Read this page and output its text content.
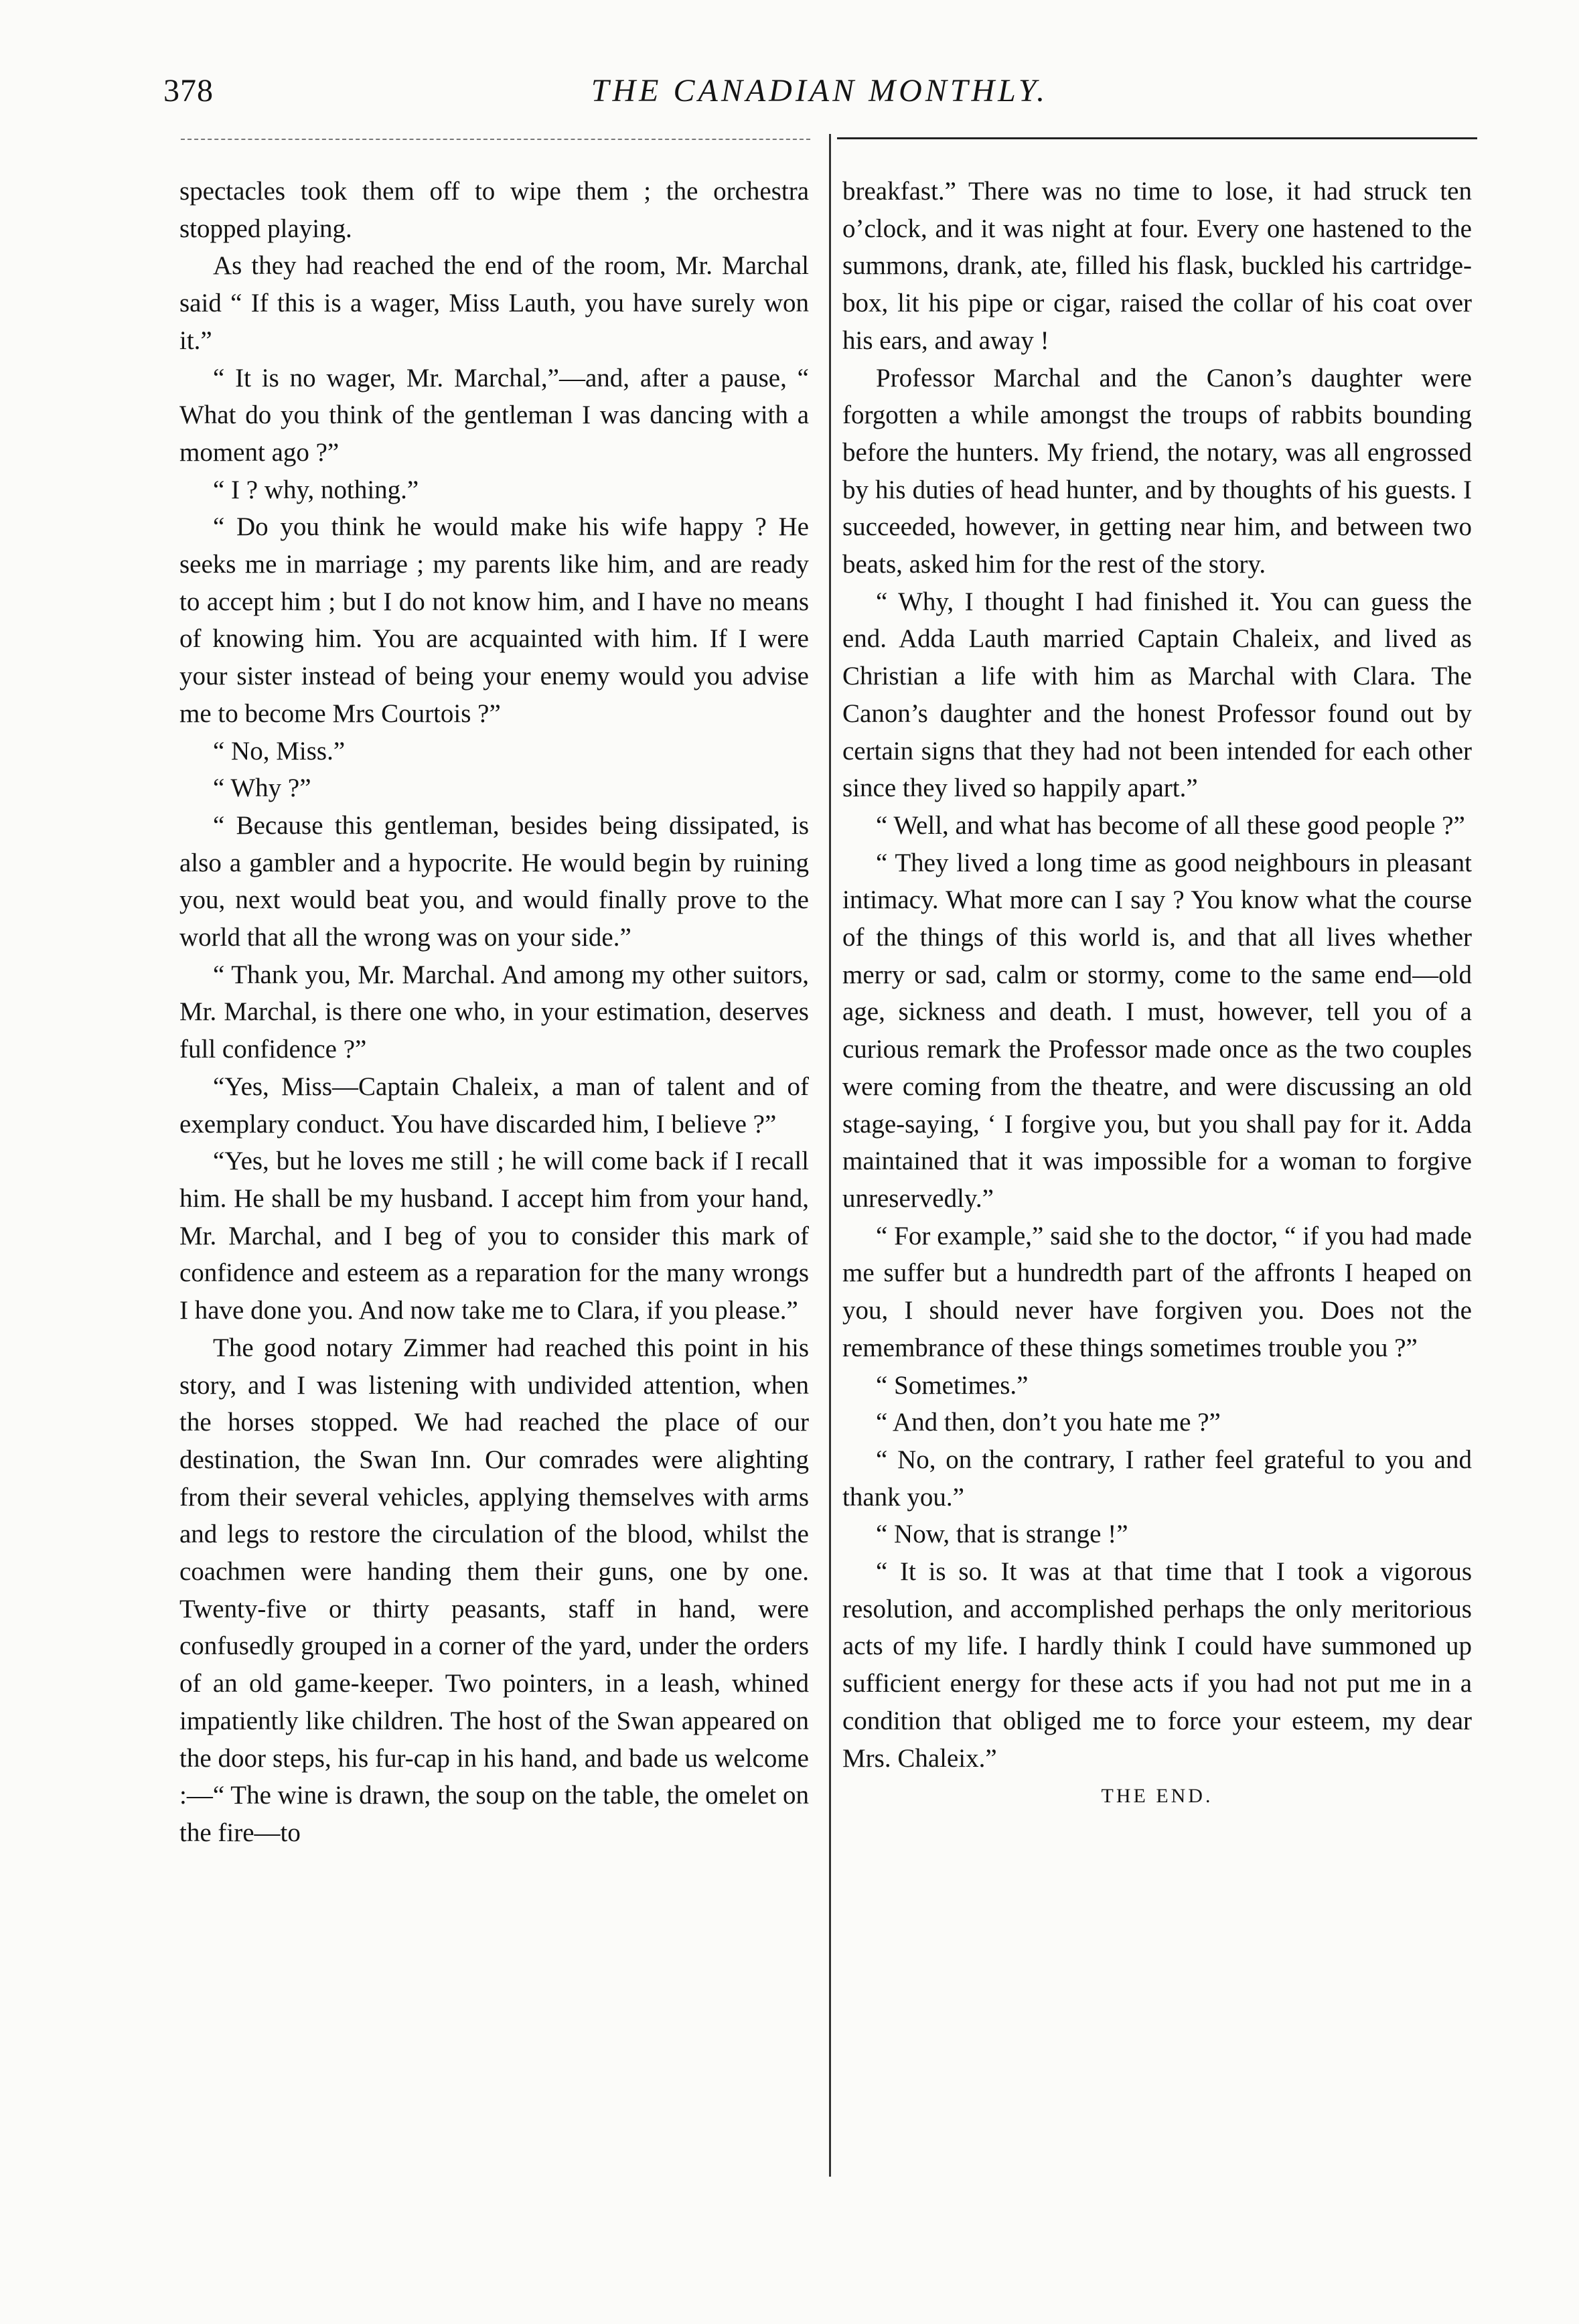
378	THE CANADIAN MONTHLY.

spectacles took them off to wipe them ; the orchestra stopped playing.

As they had reached the end of the room, Mr. Marchal said “ If this is a wager, Miss Lauth, you have surely won it.”

“ It is no wager, Mr. Marchal,”—and, after a pause, “ What do you think of the gentleman I was dancing with a moment ago ?”

“ I ? why, nothing.”

“ Do you think he would make his wife happy ? He seeks me in marriage ; my parents like him, and are ready to accept him ; but I do not know him, and I have no means of knowing him. You are acquainted with him. If I were your sister instead of being your enemy would you advise me to become Mrs Courtois ?”

“ No, Miss.”

“ Why ?”

“ Because this gentleman, besides being dissipated, is also a gambler and a hypocrite. He would begin by ruining you, next would beat you, and would finally prove to the world that all the wrong was on your side.”

“ Thank you, Mr. Marchal. And among my other suitors, Mr. Marchal, is there one who, in your estimation, deserves full confidence ?”

“Yes, Miss—Captain Chaleix, a man of talent and of exemplary conduct. You have discarded him, I believe ?”

“Yes, but he loves me still ; he will come back if I recall him. He shall be my husband. I accept him from your hand, Mr. Marchal, and I beg of you to consider this mark of confidence and esteem as a reparation for the many wrongs I have done you. And now take me to Clara, if you please.”

The good notary Zimmer had reached this point in his story, and I was listening with undivided attention, when the horses stopped. We had reached the place of our destination, the Swan Inn. Our comrades were alighting from their several vehicles, applying themselves with arms and legs to restore the circulation of the blood, whilst the coachmen were handing them their guns, one by one. Twenty-five or thirty peasants, staff in hand, were confusedly grouped in a corner of the yard, under the orders of an old game-keeper. Two pointers, in a leash, whined impatiently like children. The host of the Swan appeared on the door steps, his fur-cap in his hand, and bade us welcome :—“ The wine is drawn, the soup on the table, the omelet on the fire—to

breakfast.” There was no time to lose, it had struck ten o’clock, and it was night at four. Every one hastened to the summons, drank, ate, filled his flask, buckled his cartridge-box, lit his pipe or cigar, raised the collar of his coat over his ears, and away !

Professor Marchal and the Canon’s daughter were forgotten a while amongst the troups of rabbits bounding before the hunters. My friend, the notary, was all engrossed by his duties of head hunter, and by thoughts of his guests. I succeeded, however, in getting near him, and between two beats, asked him for the rest of the story.

“ Why, I thought I had finished it. You can guess the end. Adda Lauth married Captain Chaleix, and lived as Christian a life with him as Marchal with Clara. The Canon’s daughter and the honest Professor found out by certain signs that they had not been intended for each other since they lived so happily apart.”

“ Well, and what has become of all these good people ?”

“ They lived a long time as good neighbours in pleasant intimacy. What more can I say ? You know what the course of the things of this world is, and that all lives whether merry or sad, calm or stormy, come to the same end—old age, sickness and death. I must, however, tell you of a curious remark the Professor made once as the two couples were coming from the theatre, and were discussing an old stage-saying, ‘ I forgive you, but you shall pay for it. Adda maintained that it was impossible for a woman to forgive unreservedly.”

“ For example,” said she to the doctor, “ if you had made me suffer but a hundredth part of the affronts I heaped on you, I should never have forgiven you. Does not the remembrance of these things sometimes trouble you ?”

“ Sometimes.”

“ And then, don’t you hate me ?”

“ No, on the contrary, I rather feel grateful to you and thank you.”

“ Now, that is strange !”

“ It is so. It was at that time that I took a vigorous resolution, and accomplished perhaps the only meritorious acts of my life. I hardly think I could have summoned up sufficient energy for these acts if you had not put me in a condition that obliged me to force your esteem, my dear Mrs. Chaleix.”

THE END.
